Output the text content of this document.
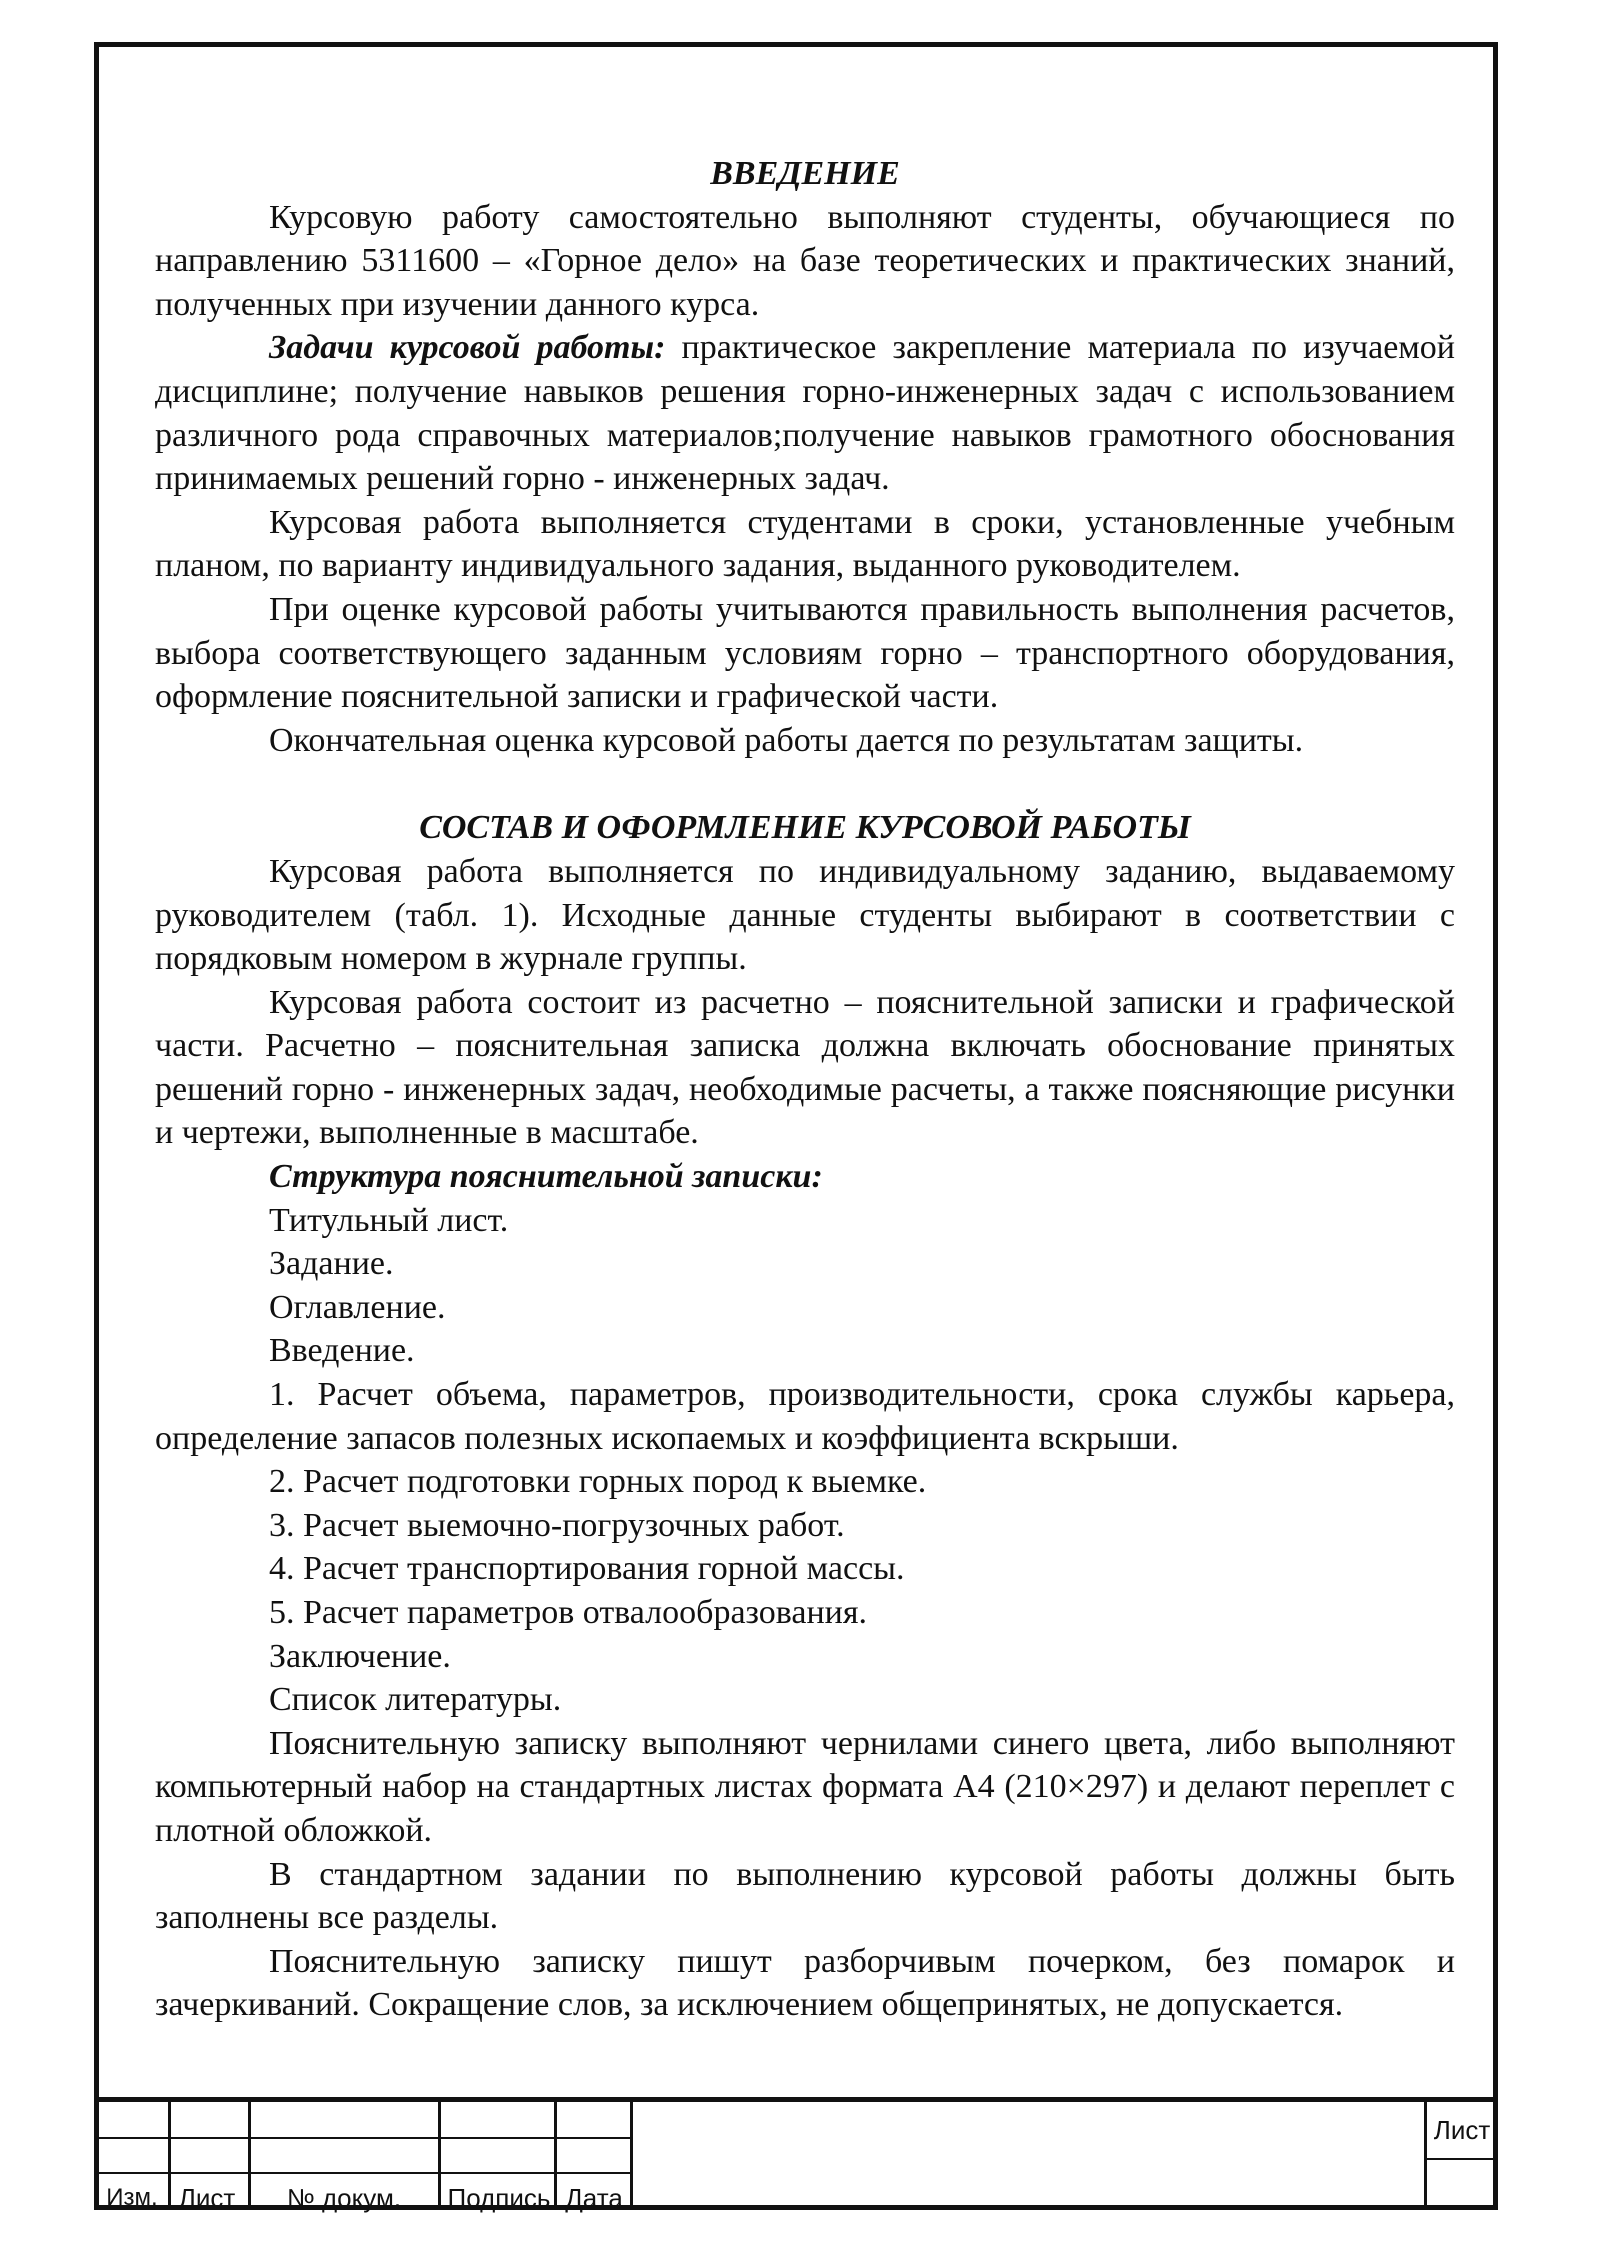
ВВЕДЕНИЕ

Курсовую работу самостоятельно выполняют студенты, обучающиеся по направлению 5311600 – «Горное дело» на базе теоретических и практических знаний, полученных при изучении данного курса.

Задачи курсовой работы: практическое закрепление материала по изучаемой дисциплине; получение навыков решения горно-инженерных задач с использованием различного рода справочных материалов;получение навыков грамотного обоснования принимаемых решений горно - инженерных задач.

Курсовая работа выполняется студентами в сроки, установленные учебным планом, по варианту индивидуального задания, выданного руководителем.

При оценке курсовой работы учитываются правильность выполнения расчетов, выбора соответствующего заданным условиям горно – транспортного оборудования, оформление пояснительной записки и графической части.

Окончательная оценка курсовой работы дается по результатам защиты.

СОСТАВ И ОФОРМЛЕНИЕ КУРСОВОЙ РАБОТЫ

Курсовая работа выполняется по индивидуальному заданию, выдаваемому руководителем (табл. 1). Исходные данные студенты выбирают в соответствии с порядковым номером в журнале группы.

Курсовая работа состоит из расчетно – пояснительной записки и графической части. Расчетно – пояснительная записка должна включать обоснование принятых решений горно - инженерных задач, необходимые расчеты, а также поясняющие рисунки и чертежи, выполненные в масштабе.

Структура пояснительной записки:

Титульный лист.

Задание.

Оглавление.

Введение.

1. Расчет объема, параметров, производительности, срока службы карьера, определение запасов полезных ископаемых и коэффициента вскрыши.

2. Расчет подготовки горных пород к выемке.

3. Расчет выемочно-погрузочных работ.

4. Расчет транспортирования горной массы.

5. Расчет параметров отвалообразования.

Заключение.

Список литературы.

Пояснительную записку выполняют чернилами синего цвета, либо выполняют компьютерный набор на стандартных листах формата А4 (210×297) и делают переплет с плотной обложкой.

В стандартном задании по выполнению курсовой работы должны быть заполнены все разделы.

Пояснительную записку пишут разборчивым почерком, без помарок и зачеркиваний. Сокращение слов, за исключением общепринятых, не допускается.

Изм. Лист	№ докум.	Подпись Дата
Лист
